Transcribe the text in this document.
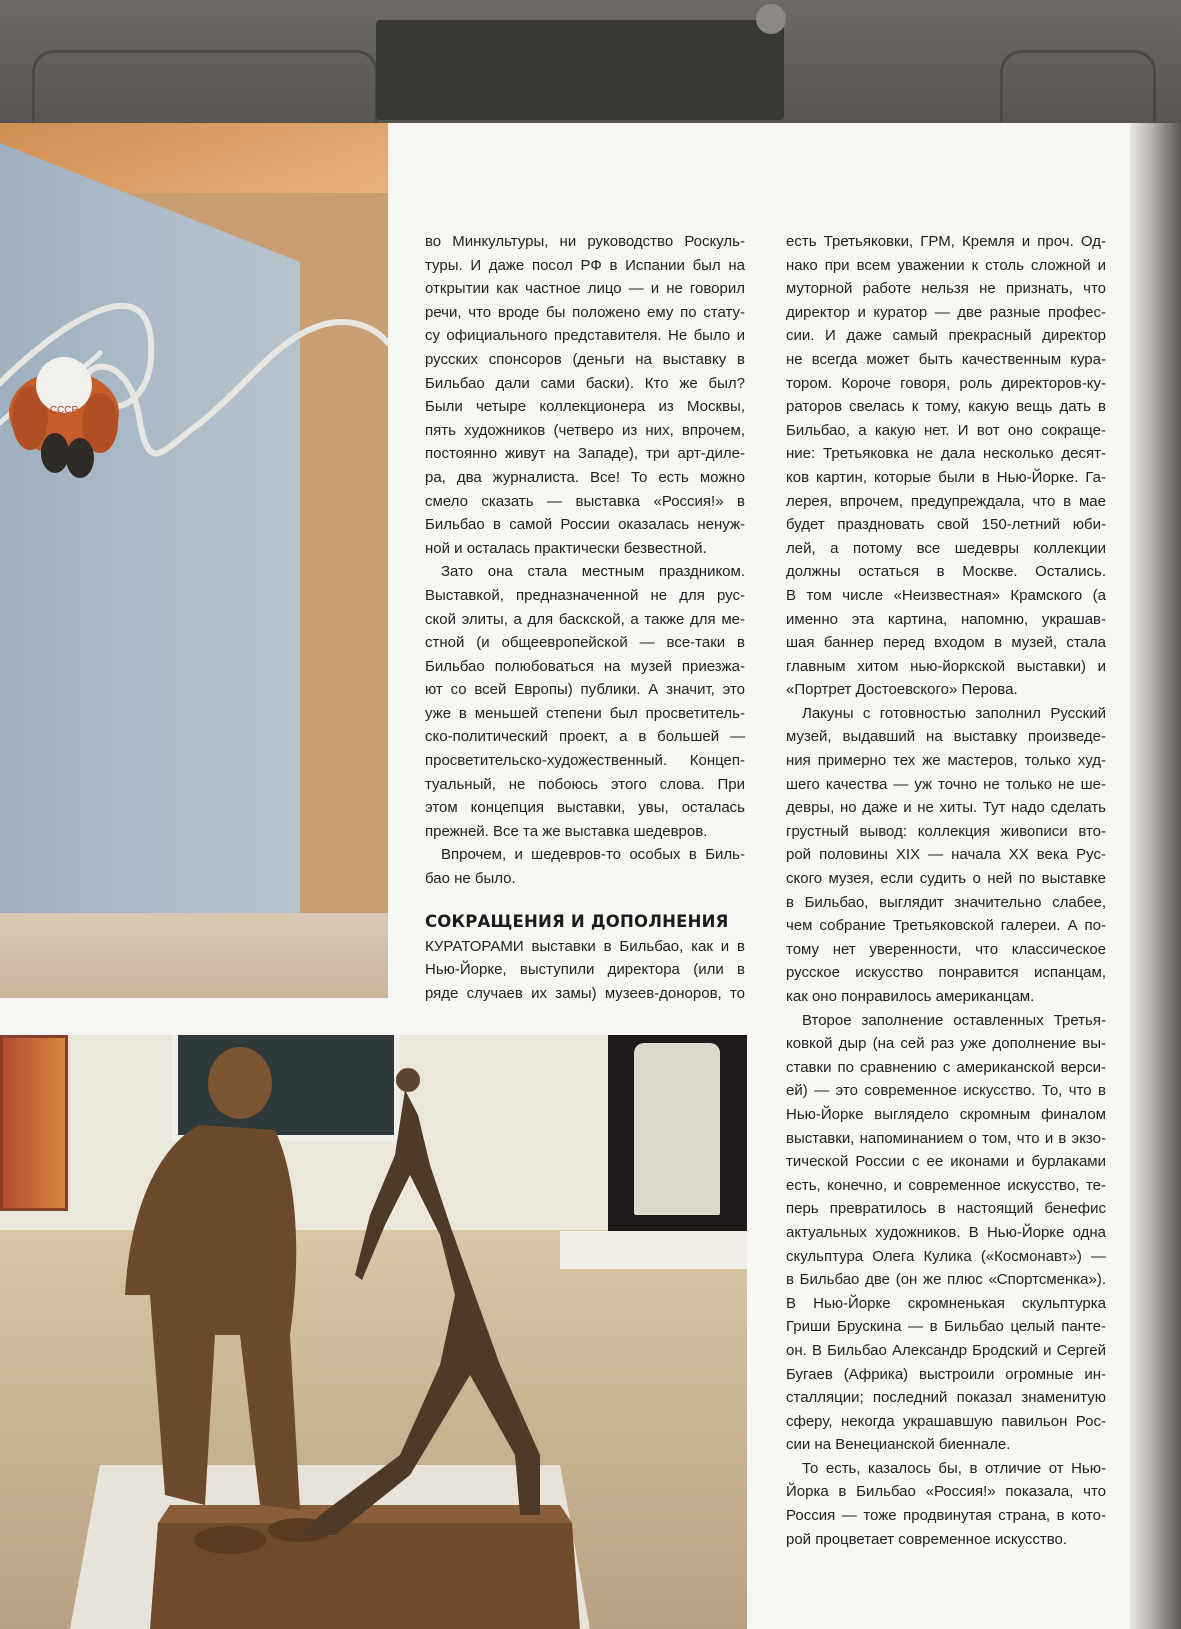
СССР
во Минкультуры, ни руководство Роскуль-
туры. И даже посол РФ в Испании был на
открытии как частное лицо — и не говорил
речи, что вроде бы положено ему по стату-
су официального представителя. Не было и
русских спонсоров (деньги на выставку в
Бильбао дали сами баски). Кто же был?
Были четыре коллекционера из Москвы,
пять художников (четверо из них, впрочем,
постоянно живут на Западе), три арт-диле-
ра, два журналиста. Все! То есть можно
смело сказать — выставка «Россия!» в
Бильбао в самой России оказалась ненуж-
ной и осталась практически безвестной.
Зато она стала местным праздником.
Выставкой, предназначенной не для рус-
ской элиты, а для баскской, а также для ме-
стной (и общеевропейской — все-таки в
Бильбао полюбоваться на музей приезжа-
ют со всей Европы) публики. А значит, это
уже в меньшей степени был просветитель-
ско-политический проект, а в большей —
просветительско-художественный. Концеп-
туальный, не побоюсь этого слова. При
этом концепция выставки, увы, осталась
прежней. Все та же выставка шедевров.
Впрочем, и шедевров-то особых в Биль-
бао не было.
СОКРАЩЕНИЯ И ДОПОЛНЕНИЯ
КУРАТОРАМИ выставки в Бильбао, как и в
Нью-Йорке, выступили директора (или в
ряде случаев их замы) музеев-доноров, то
есть Третьяковки, ГРМ, Кремля и проч. Од-
нако при всем уважении к столь сложной и
муторной работе нельзя не признать, что
директор и куратор — две разные профес-
сии. И даже самый прекрасный директор
не всегда может быть качественным кура-
тором. Короче говоря, роль директоров-ку-
раторов свелась к тому, какую вещь дать в
Бильбао, а какую нет. И вот оно сокраще-
ние: Третьяковка не дала несколько десят-
ков картин, которые были в Нью-Йорке. Га-
лерея, впрочем, предупреждала, что в мае
будет праздновать свой 150-летний юби-
лей, а потому все шедевры коллекции
должны остаться в Москве. Остались.
В том числе «Неизвестная» Крамского (а
именно эта картина, напомню, украшав-
шая баннер перед входом в музей, стала
главным хитом нью-йоркской выставки) и
«Портрет Достоевского» Перова.
Лакуны с готовностью заполнил Русский
музей, выдавший на выставку произведе-
ния примерно тех же мастеров, только худ-
шего качества — уж точно не только не ше-
девры, но даже и не хиты. Тут надо сделать
грустный вывод: коллекция живописи вто-
рой половины XIX — начала XX века Рус-
ского музея, если судить о ней по выставке
в Бильбао, выглядит значительно слабее,
чем собрание Третьяковской галереи. А по-
тому нет уверенности, что классическое
русское искусство понравится испанцам,
как оно понравилось американцам.
Второе заполнение оставленных Третья-
ковкой дыр (на сей раз уже дополнение вы-
ставки по сравнению с американской верси-
ей) — это современное искусство. То, что в
Нью-Йорке выглядело скромным финалом
выставки, напоминанием о том, что и в экзо-
тической России с ее иконами и бурлаками
есть, конечно, и современное искусство, те-
перь превратилось в настоящий бенефис
актуальных художников. В Нью-Йорке одна
скульптура Олега Кулика («Космонавт») —
в Бильбао две (он же плюс «Спортсменка»).
В Нью-Йорке скромненькая скульптурка
Гриши Брускина — в Бильбао целый панте-
он. В Бильбао Александр Бродский и Сергей
Бугаев (Африка) выстроили огромные ин-
сталляции; последний показал знаменитую
сферу, некогда украшавшую павильон Рос-
сии на Венецианской биеннале.
То есть, казалось бы, в отличие от Нью-
Йорка в Бильбао «Россия!» показала, что
Россия — тоже продвинутая страна, в кото-
рой процветает современное искусство.
